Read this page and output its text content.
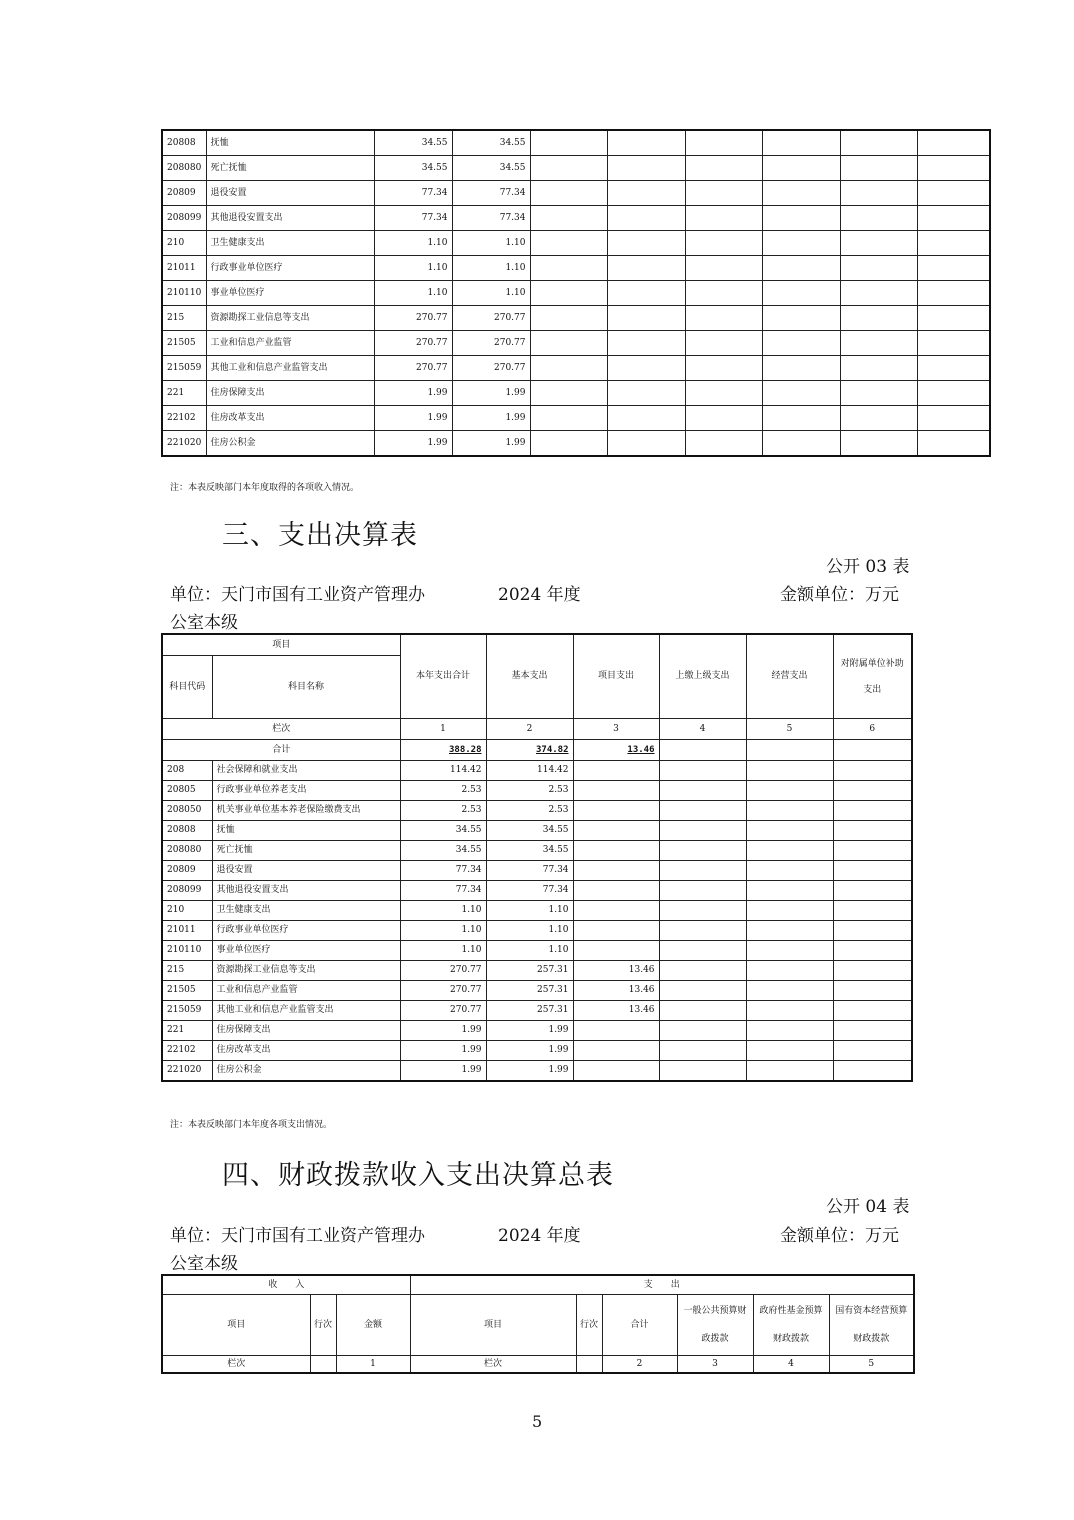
20808	抚恤	34.55	34.55						
208080	死亡抚恤	34.55	34.55						
20809	退役安置	77.34	77.34						
208099	其他退役安置支出	77.34	77.34						
210	卫生健康支出	1.10	1.10						
21011	行政事业单位医疗	1.10	1.10						
210110	事业单位医疗	1.10	1.10						
215	资源勘探工业信息等支出	270.77	270.77						
21505	工业和信息产业监管	270.77	270.77						
215059	其他工业和信息产业监管支出	270.77	270.77						
221	住房保障支出	1.99	1.99						
22102	住房改革支出	1.99	1.99						
221020	住房公积金	1.99	1.99						
注：本表反映部门本年度取得的各项收入情况。
三、支出决算表
公开 03 表
单位：天门市国有工业资产管理办	2024 年度	金额单位：万元
公室本级
项目		本年支出合计	基本支出	项目支出	上缴上级支出	经营支出	对附属单位补助支出
科目代码	科目名称						
栏次		1	2	3	4	5	6
合计		388.28	374.82	13.46			
208	社会保障和就业支出	114.42	114.42				
20805	行政事业单位养老支出	2.53	2.53				
208050	机关事业单位基本养老保险缴费支出	2.53	2.53				
20808	抚恤	34.55	34.55				
208080	死亡抚恤	34.55	34.55				
20809	退役安置	77.34	77.34				
208099	其他退役安置支出	77.34	77.34				
210	卫生健康支出	1.10	1.10				
21011	行政事业单位医疗	1.10	1.10				
210110	事业单位医疗	1.10	1.10				
215	资源勘探工业信息等支出	270.77	257.31	13.46			
21505	工业和信息产业监管	270.77	257.31	13.46			
215059	其他工业和信息产业监管支出	270.77	257.31	13.46			
221	住房保障支出	1.99	1.99				
22102	住房改革支出	1.99	1.99				
221020	住房公积金	1.99	1.99				
注：本表反映部门本年度各项支出情况。
四、财政拨款收入支出决算总表
公开 04 表
单位：天门市国有工业资产管理办	2024 年度	金额单位：万元
公室本级
收　　入			支　　出					
项目	行次	金额	项目	行次	合计	一般公共预算财政拨款	政府性基金预算财政拨款	国有资本经营预算财政拨款
栏次		1	栏次		2	3	4	5
5
